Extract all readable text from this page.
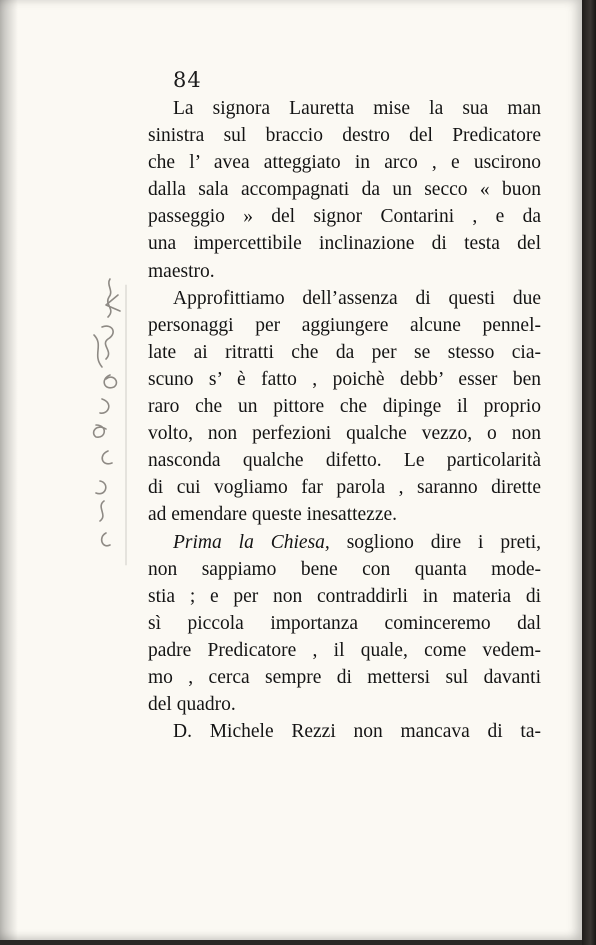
84

La signora Lauretta mise la sua man
sinistra sul braccio destro del Predicatore
che l’ avea atteggiato in arco , e uscirono
dalla sala accompagnati da un secco « buon
passeggio » del signor Contarini , e da
una impercettibile inclinazione di testa del
maestro.

Approfittiamo dell’assenza di questi due
personaggi per aggiungere alcune pennel-
late ai ritratti che da per se stesso cia-
scuno s’ è fatto , poichè debb’ esser ben
raro che un pittore che dipinge il proprio
volto, non perfezioni qualche vezzo, o non
nasconda qualche difetto. Le particolarità
di cui vogliamo far parola , saranno dirette
ad emendare queste inesattezze.

Prima la Chiesa, sogliono dire i preti,
non sappiamo bene con quanta mode-
stia ; e per non contraddirli in materia di
sì piccola importanza cominceremo dal
padre Predicatore , il quale, come vedem-
mo , cerca sempre di mettersi sul davanti
del quadro.

D. Michele Rezzi non mancava di ta-
